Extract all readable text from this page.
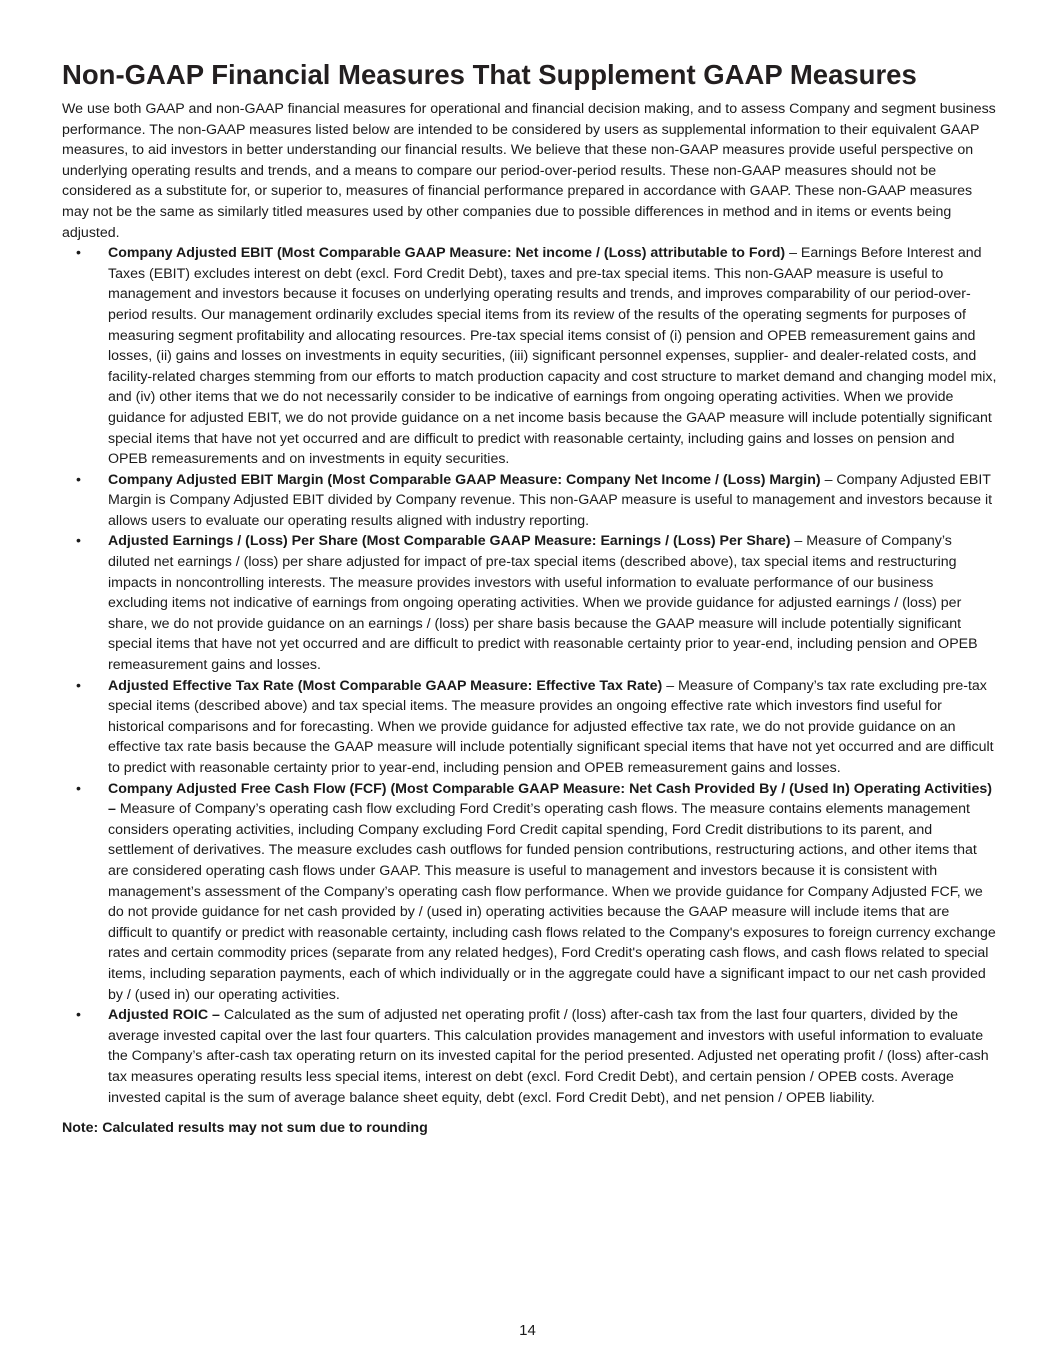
Non-GAAP Financial Measures That Supplement GAAP Measures

We use both GAAP and non-GAAP financial measures for operational and financial decision making, and to assess Company and segment business performance. The non-GAAP measures listed below are intended to be considered by users as supplemental information to their equivalent GAAP measures, to aid investors in better understanding our financial results. We believe that these non-GAAP measures provide useful perspective on underlying operating results and trends, and a means to compare our period-over-period results. These non-GAAP measures should not be considered as a substitute for, or superior to, measures of financial performance prepared in accordance with GAAP. These non-GAAP measures may not be the same as similarly titled measures used by other companies due to possible differences in method and in items or events being adjusted.

• Company Adjusted EBIT (Most Comparable GAAP Measure: Net income / (Loss) attributable to Ford) – Earnings Before Interest and Taxes (EBIT) excludes interest on debt (excl. Ford Credit Debt), taxes and pre-tax special items. This non-GAAP measure is useful to management and investors because it focuses on underlying operating results and trends, and improves comparability of our period-over-period results. Our management ordinarily excludes special items from its review of the results of the operating segments for purposes of measuring segment profitability and allocating resources. Pre-tax special items consist of (i) pension and OPEB remeasurement gains and losses, (ii) gains and losses on investments in equity securities, (iii) significant personnel expenses, supplier- and dealer-related costs, and facility-related charges stemming from our efforts to match production capacity and cost structure to market demand and changing model mix, and (iv) other items that we do not necessarily consider to be indicative of earnings from ongoing operating activities. When we provide guidance for adjusted EBIT, we do not provide guidance on a net income basis because the GAAP measure will include potentially significant special items that have not yet occurred and are difficult to predict with reasonable certainty, including gains and losses on pension and OPEB remeasurements and on investments in equity securities.
• Company Adjusted EBIT Margin (Most Comparable GAAP Measure: Company Net Income / (Loss) Margin) – Company Adjusted EBIT Margin is Company Adjusted EBIT divided by Company revenue. This non-GAAP measure is useful to management and investors because it allows users to evaluate our operating results aligned with industry reporting.
• Adjusted Earnings / (Loss) Per Share (Most Comparable GAAP Measure: Earnings / (Loss) Per Share) – Measure of Company’s diluted net earnings / (loss) per share adjusted for impact of pre-tax special items (described above), tax special items and restructuring impacts in noncontrolling interests. The measure provides investors with useful information to evaluate performance of our business excluding items not indicative of earnings from ongoing operating activities. When we provide guidance for adjusted earnings / (loss) per share, we do not provide guidance on an earnings / (loss) per share basis because the GAAP measure will include potentially significant special items that have not yet occurred and are difficult to predict with reasonable certainty prior to year-end, including pension and OPEB remeasurement gains and losses.
• Adjusted Effective Tax Rate (Most Comparable GAAP Measure: Effective Tax Rate) – Measure of Company’s tax rate excluding pre-tax special items (described above) and tax special items. The measure provides an ongoing effective rate which investors find useful for historical comparisons and for forecasting. When we provide guidance for adjusted effective tax rate, we do not provide guidance on an effective tax rate basis because the GAAP measure will include potentially significant special items that have not yet occurred and are difficult to predict with reasonable certainty prior to year-end, including pension and OPEB remeasurement gains and losses.
• Company Adjusted Free Cash Flow (FCF) (Most Comparable GAAP Measure: Net Cash Provided By / (Used In) Operating Activities) – Measure of Company’s operating cash flow excluding Ford Credit’s operating cash flows. The measure contains elements management considers operating activities, including Company excluding Ford Credit capital spending, Ford Credit distributions to its parent, and settlement of derivatives. The measure excludes cash outflows for funded pension contributions, restructuring actions, and other items that are considered operating cash flows under GAAP. This measure is useful to management and investors because it is consistent with management’s assessment of the Company’s operating cash flow performance. When we provide guidance for Company Adjusted FCF, we do not provide guidance for net cash provided by / (used in) operating activities because the GAAP measure will include items that are difficult to quantify or predict with reasonable certainty, including cash flows related to the Company's exposures to foreign currency exchange rates and certain commodity prices (separate from any related hedges), Ford Credit's operating cash flows, and cash flows related to special items, including separation payments, each of which individually or in the aggregate could have a significant impact to our net cash provided by / (used in) our operating activities.
• Adjusted ROIC – Calculated as the sum of adjusted net operating profit / (loss) after-cash tax from the last four quarters, divided by the average invested capital over the last four quarters. This calculation provides management and investors with useful information to evaluate the Company’s after-cash tax operating return on its invested capital for the period presented. Adjusted net operating profit / (loss) after-cash tax measures operating results less special items, interest on debt (excl. Ford Credit Debt), and certain pension / OPEB costs. Average invested capital is the sum of average balance sheet equity, debt (excl. Ford Credit Debt), and net pension / OPEB liability.
Note: Calculated results may not sum due to rounding
14
